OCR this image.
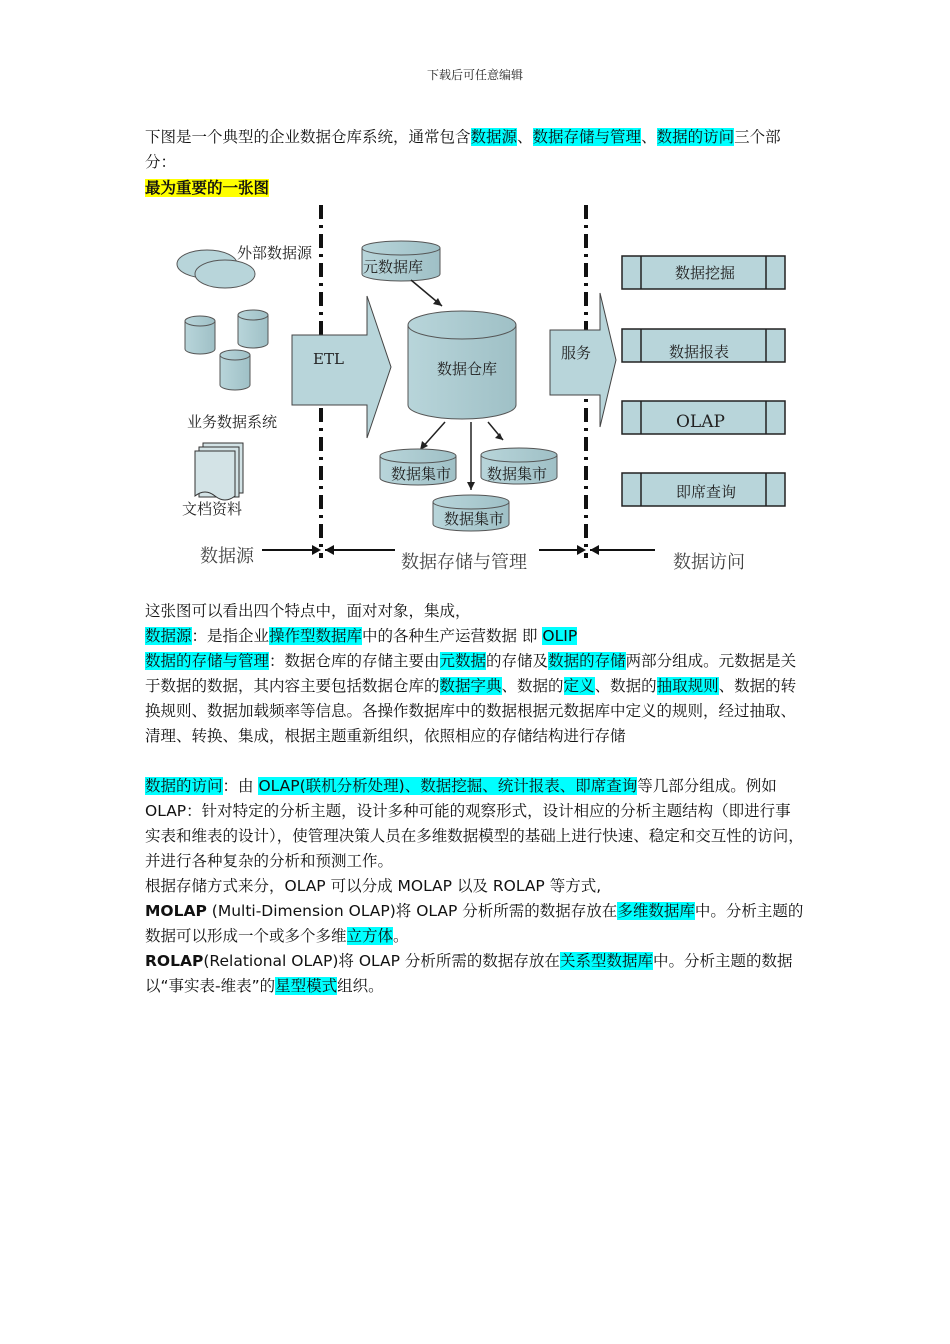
下载后可任意编辑
下图是一个典型的企业数据仓库系统，通常包含数据源、数据存储与管理、数据的访问三个部分：
最为重要的一张图
外部数据源
业务数据系统
文档资料
ETL
元数据库
数据仓库
数据集市 数据集市
数据集市
服务
数据挖掘
数据报表
OLAP
即席查询
数据源	数据存储与管理	数据访问
这张图可以看出四个特点中，面对对象，集成，
数据源：是指企业操作型数据库中的各种生产运营数据 即 OLIP
数据的存储与管理：数据仓库的存储主要由元数据的存储及数据的存储两部分组成。元数据是关于数据的数据，其内容主要包括数据仓库的数据字典、数据的定义、数据的抽取规则、数据的转换规则、数据加载频率等信息。各操作数据库中的数据根据元数据库中定义的规则，经过抽取、清理、转换、集成，根据主题重新组织，依照相应的存储结构进行存储
数据的访问：由 OLAP(联机分析处理)、数据挖掘、统计报表、即席查询等几部分组成。例如 OLAP：针对特定的分析主题，设计多种可能的观察形式，设计相应的分析主题结构（即进行事实表和维表的设计），使管理决策人员在多维数据模型的基础上进行快速、稳定和交互性的访问，并进行各种复杂的分析和预测工作。
根据存储方式来分，OLAP 可以分成 MOLAP 以及 ROLAP 等方式,
MOLAP (Multi-Dimension OLAP)将 OLAP 分析所需的数据存放在多维数据库中。分析主题的数据可以形成一个或多个多维立方体。
ROLAP(Relational OLAP)将 OLAP 分析所需的数据存放在关系型数据库中。分析主题的数据以“事实表-维表”的星型模式组织。
